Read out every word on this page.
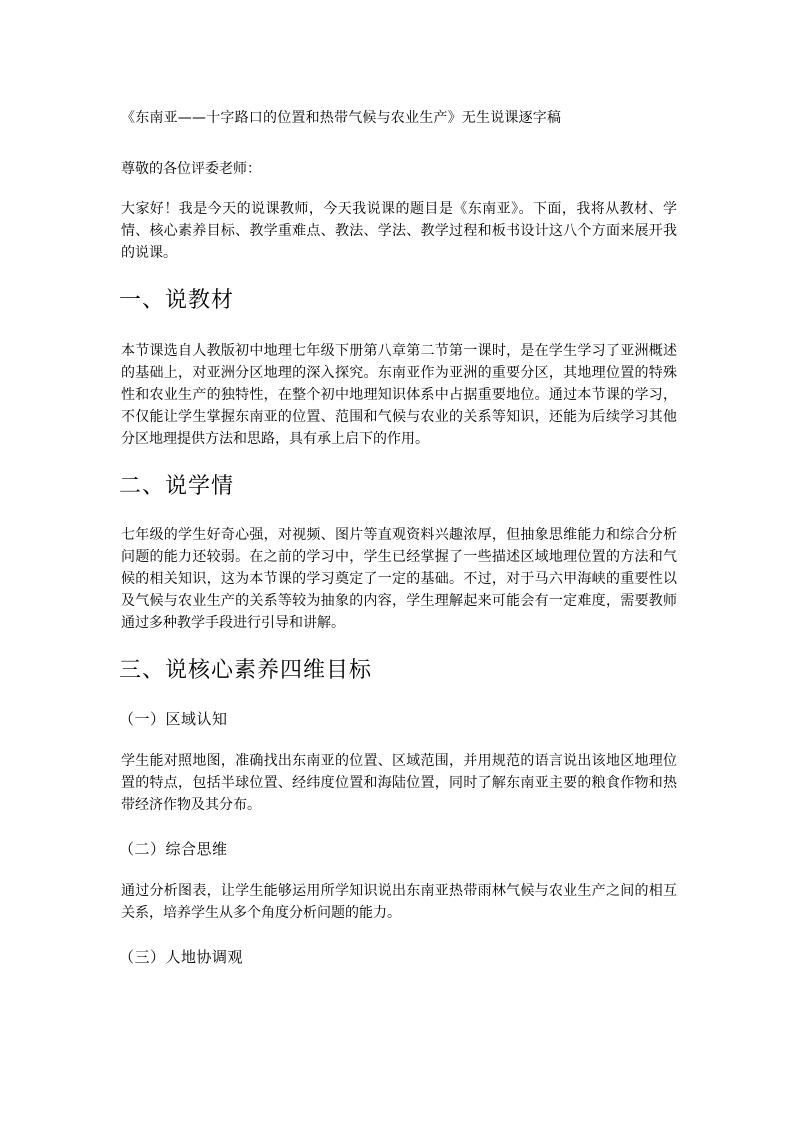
《东南亚——十字路口的位置和热带气候与农业生产》无生说课逐字稿
尊敬的各位评委老师：
大家好！我是今天的说课教师，今天我说课的题目是《东南亚》。下面，我将从教材、学情、核心素养目标、教学重难点、教法、学法、教学过程和板书设计这八个方面来展开我的说课。
一、说教材
本节课选自人教版初中地理七年级下册第八章第二节第一课时，是在学生学习了亚洲概述的基础上，对亚洲分区地理的深入探究。东南亚作为亚洲的重要分区，其地理位置的特殊性和农业生产的独特性，在整个初中地理知识体系中占据重要地位。通过本节课的学习，不仅能让学生掌握东南亚的位置、范围和气候与农业的关系等知识，还能为后续学习其他分区地理提供方法和思路，具有承上启下的作用。
二、说学情
七年级的学生好奇心强，对视频、图片等直观资料兴趣浓厚，但抽象思维能力和综合分析问题的能力还较弱。在之前的学习中，学生已经掌握了一些描述区域地理位置的方法和气候的相关知识，这为本节课的学习奠定了一定的基础。不过，对于马六甲海峡的重要性以及气候与农业生产的关系等较为抽象的内容，学生理解起来可能会有一定难度，需要教师通过多种教学手段进行引导和讲解。
三、说核心素养四维目标
（一）区域认知
学生能对照地图，准确找出东南亚的位置、区域范围，并用规范的语言说出该地区地理位置的特点，包括半球位置、经纬度位置和海陆位置，同时了解东南亚主要的粮食作物和热带经济作物及其分布。
（二）综合思维
通过分析图表，让学生能够运用所学知识说出东南亚热带雨林气候与农业生产之间的相互关系，培养学生从多个角度分析问题的能力。
（三）人地协调观
